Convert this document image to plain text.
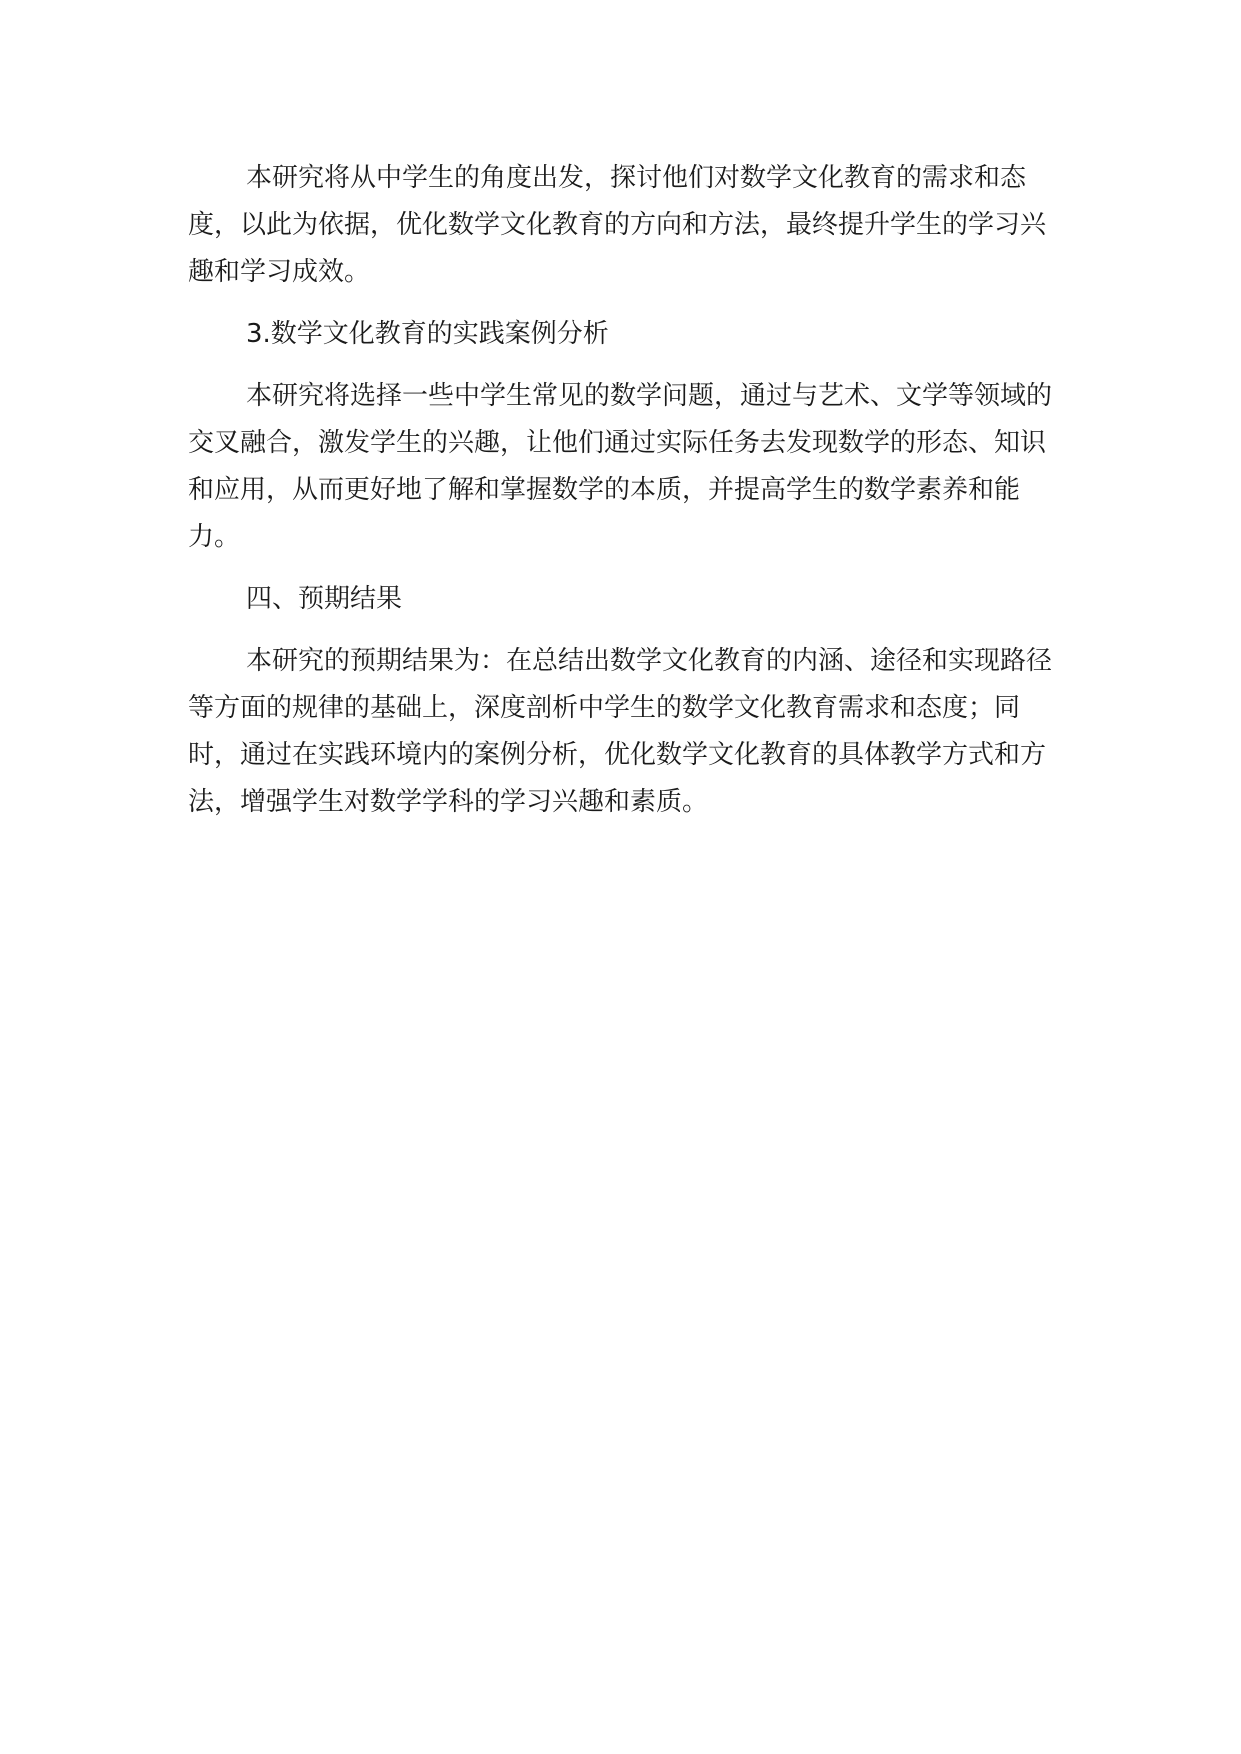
本研究将从中学生的角度出发，探讨他们对数学文化教育的需求和态度，以此为依据，优化数学文化教育的方向和方法，最终提升学生的学习兴趣和学习成效。

3.数学文化教育的实践案例分析

本研究将选择一些中学生常见的数学问题，通过与艺术、文学等领域的交叉融合，激发学生的兴趣，让他们通过实际任务去发现数学的形态、知识和应用，从而更好地了解和掌握数学的本质，并提高学生的数学素养和能力。

四、预期结果

本研究的预期结果为：在总结出数学文化教育的内涵、途径和实现路径等方面的规律的基础上，深度剖析中学生的数学文化教育需求和态度；同时，通过在实践环境内的案例分析，优化数学文化教育的具体教学方式和方法，增强学生对数学学科的学习兴趣和素质。
